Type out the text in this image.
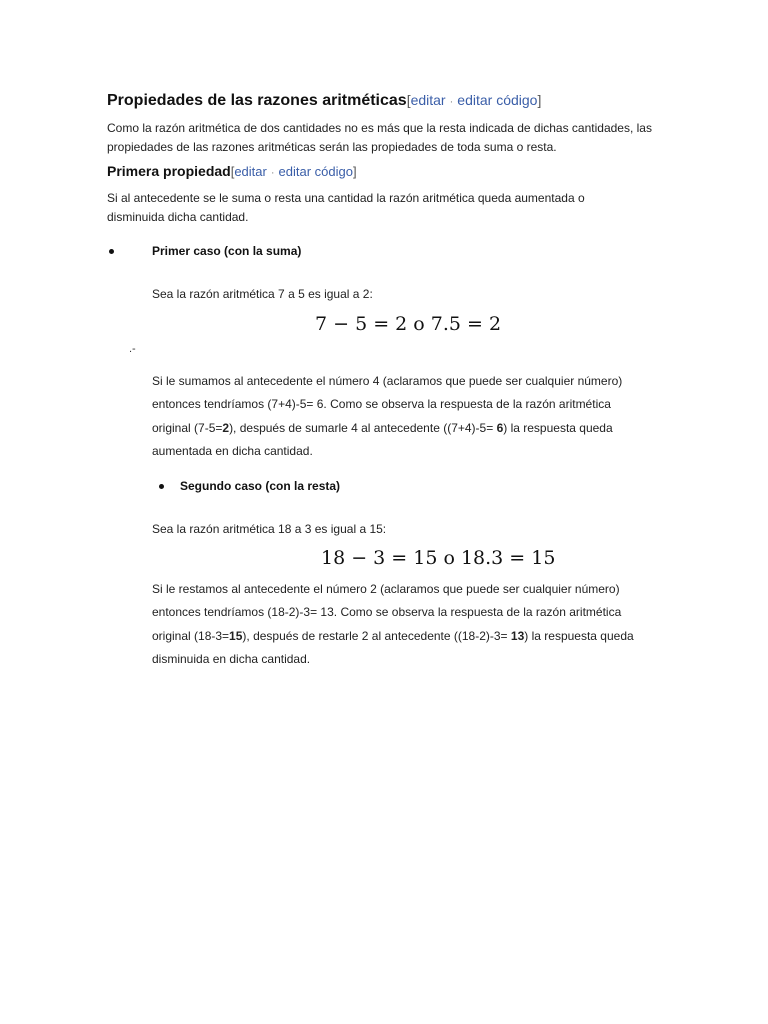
Propiedades de las razones aritméticas[editar · editar código]
Como la razón aritmética de dos cantidades no es más que la resta indicada de dichas cantidades, las propiedades de las razones aritméticas serán las propiedades de toda suma o resta.
Primera propiedad[editar · editar código]
Si al antecedente se le suma o resta una cantidad la razón aritmética queda aumentada o disminuida dicha cantidad.
Primer caso (con la suma)
Sea la razón aritmética 7 a 5 es igual a 2:
7 − 5 = 2 o 7.5 = 2
.-
Si le sumamos al antecedente el número 4 (aclaramos que puede ser cualquier número) entonces tendríamos (7+4)-5= 6. Como se observa la respuesta de la razón aritmética original (7-5=2), después de sumarle 4 al antecedente ((7+4)-5= 6) la respuesta queda aumentada en dicha cantidad.
Segundo caso (con la resta)
Sea la razón aritmética 18 a 3 es igual a 15:
18 − 3 = 15 o 18.3 = 15
Si le restamos al antecedente el número 2 (aclaramos que puede ser cualquier número) entonces tendríamos (18-2)-3= 13. Como se observa la respuesta de la razón aritmética original (18-3=15), después de restarle 2 al antecedente ((18-2)-3= 13) la respuesta queda disminuida en dicha cantidad.
